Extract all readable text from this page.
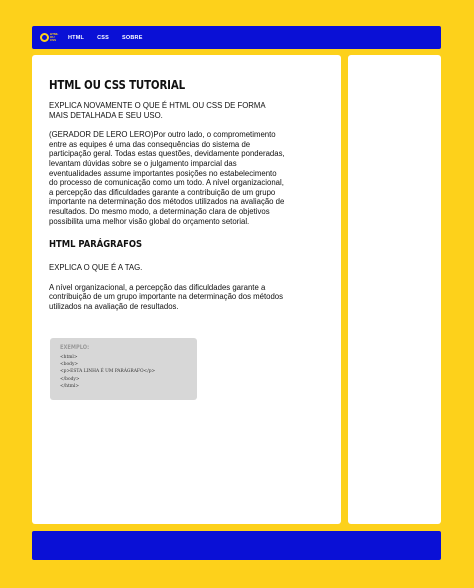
HTML OU CSS	HTML CSS SOBRE
HTML OU CSS TUTORIAL

EXPLICA NOVAMENTE O QUE É HTML OU CSS DE FORMA MAIS DETALHADA E SEU USO.

(GERADOR DE LERO LERO)Por outro lado, o comprometimento entre as equipes é uma das consequências do sistema de participação geral. Todas estas questões, devidamente ponderadas, levantam dúvidas sobre se o julgamento imparcial das eventualidades assume importantes posições no estabelecimento do processo de comunicação como um todo. A nível organizacional, a percepção das dificuldades garante a contribuição de um grupo importante na determinação dos métodos utilizados na avaliação de resultados. Do mesmo modo, a determinação clara de objetivos possibilita uma melhor visão global do orçamento setorial.

HTML PARÁGRAFOS

EXPLICA O QUE É A TAG.

A nível organizacional, a percepção das dificuldades garante a contribuição de um grupo importante na determinação dos métodos utilizados na avaliação de resultados.

EXEMPLO:
<html>
<body>
<p>ESTA LINHA É UM PARÁGRAFO</p>
</body>
</html>
